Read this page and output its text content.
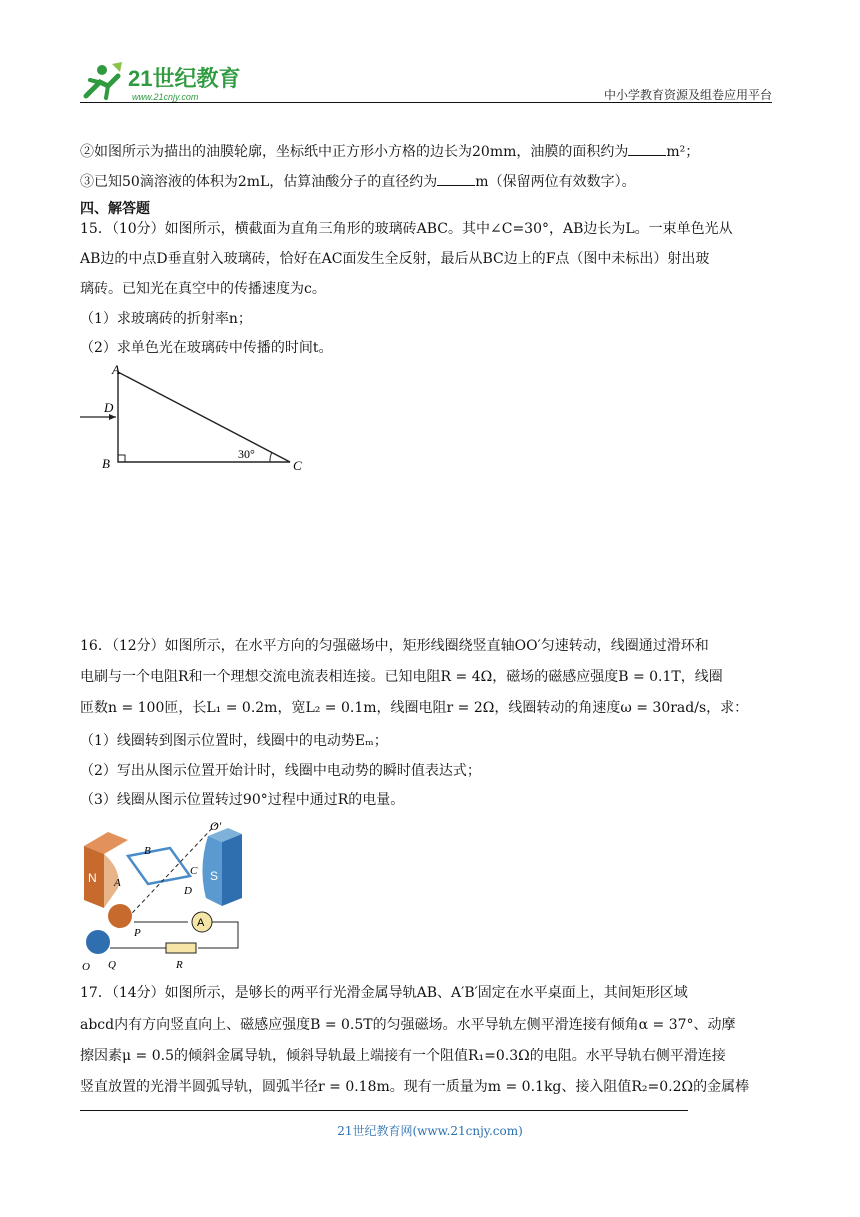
21世纪教育
www.21cnjy.com	中小学教育资源及组卷应用平台
②如图所示为描出的油膜轮廓，坐标纸中正方形小方格的边长为20mm，油膜的面积约为	m²；
③已知50滴溶液的体积为2mL，估算油酸分子的直径约为	m（保留两位有效数字）。
四、解答题
15．（10分）如图所示，横截面为直角三角形的玻璃砖ABC。其中∠C=30°，AB边长为L。一束单色光从
AB边的中点D垂直射入玻璃砖，恰好在AC面发生全反射，最后从BC边上的F点（图中未标出）射出玻
璃砖。已知光在真空中的传播速度为c。
（1）求玻璃砖的折射率n；
（2）求单色光在玻璃砖中传播的时间t。
A
D
B	C
30°
16．（12分）如图所示，在水平方向的匀强磁场中，矩形线圈绕竖直轴OO′匀速转动，线圈通过滑环和
电刷与一个电阻R和一个理想交流电流表相连接。已知电阻R = 4Ω，磁场的磁感应强度B = 0.1T，线圈
匝数n = 100匝，长L₁ = 0.2m，宽L₂ = 0.1m，线圈电阻r = 2Ω，线圈转动的角速度ω = 30rad/s，求：
（1）线圈转到图示位置时，线圈中的电动势Eₘ；
（2）写出从图示位置开始计时，线圈中电动势的瞬时值表达式；
（3）线圈从图示位置转过90°过程中通过R的电量。
N	S
O′
B
A
C
D
P
Q
O
A
R
17．（14分）如图所示，是够长的两平行光滑金属导轨AB、A′B′固定在水平桌面上，其间矩形区域
abcd内有方向竖直向上、磁感应强度B = 0.5T的匀强磁场。水平导轨左侧平滑连接有倾角α = 37°、动摩
擦因素μ = 0.5的倾斜金属导轨，倾斜导轨最上端接有一个阻值R₁=0.3Ω的电阻。水平导轨右侧平滑连接
竖直放置的光滑半圆弧导轨，圆弧半径r = 0.18m。现有一质量为m = 0.1kg、接入阻值R₂=0.2Ω的金属棒
21世纪教育网(www.21cnjy.com)
